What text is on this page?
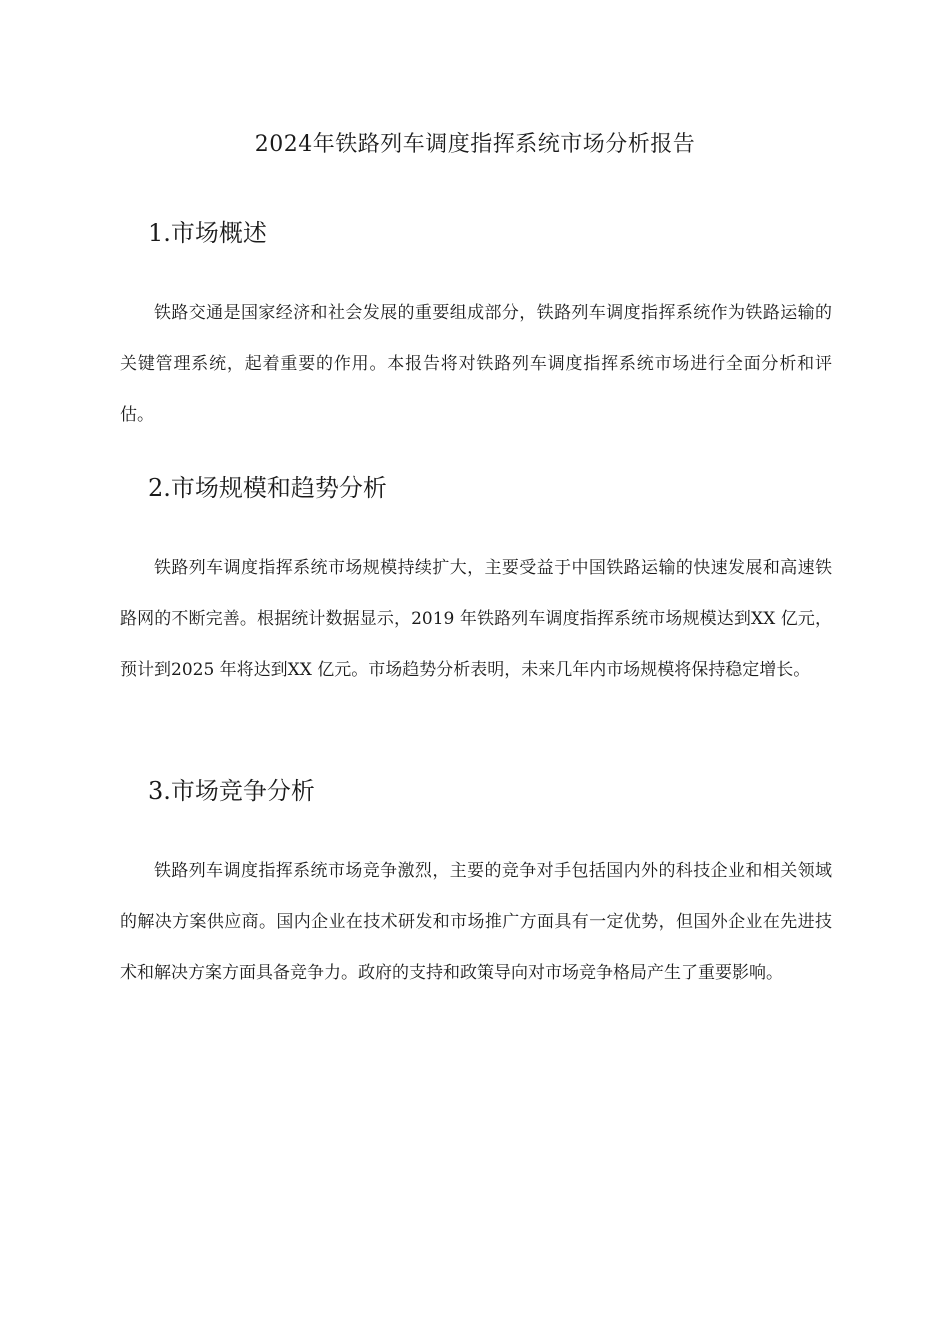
2024年铁路列车调度指挥系统市场分析报告
1.市场概述

铁路交通是国家经济和社会发展的重要组成部分，铁路列车调度指挥系统作为铁路运输的关键管理系统，起着重要的作用。本报告将对铁路列车调度指挥系统市场进行全面分析和评估。

2.市场规模和趋势分析

铁路列车调度指挥系统市场规模持续扩大，主要受益于中国铁路运输的快速发展和高速铁路网的不断完善。根据统计数据显示，2019 年铁路列车调度指挥系统市场规模达到XX 亿元，预计到2025 年将达到XX 亿元。市场趋势分析表明，未来几年内市场规模将保持稳定增长。

3.市场竞争分析

铁路列车调度指挥系统市场竞争激烈，主要的竞争对手包括国内外的科技企业和相关领域的解决方案供应商。国内企业在技术研发和市场推广方面具有一定优势，但国外企业在先进技术和解决方案方面具备竞争力。政府的支持和政策导向对市场竞争格局产生了重要影响。
